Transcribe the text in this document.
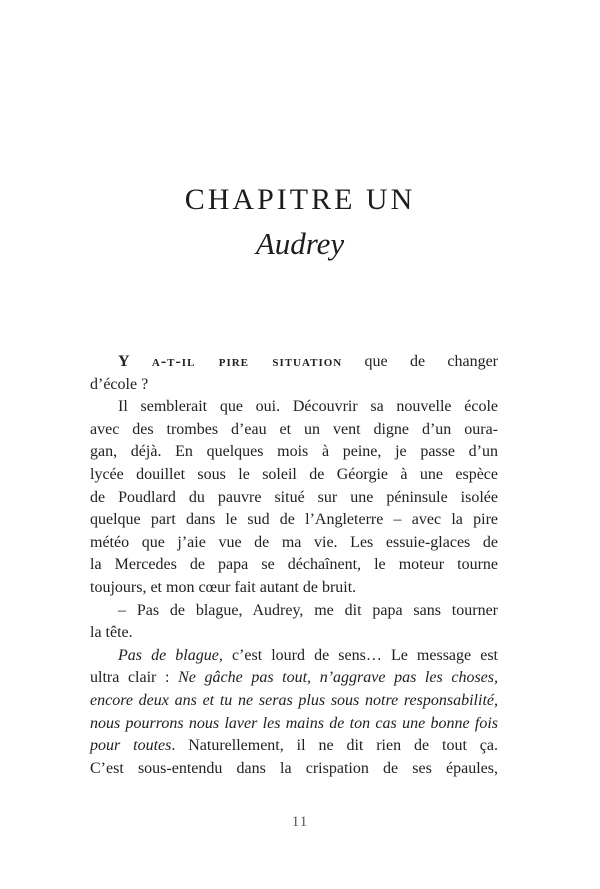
CHAPITRE UN
Audrey
Y a-t-il pire situation que de changer
d’école ?
Il semblerait que oui. Découvrir sa nouvelle école
avec des trombes d’eau et un vent digne d’un oura-
gan, déjà. En quelques mois à peine, je passe d’un
lycée douillet sous le soleil de Géorgie à une espèce
de Poudlard du pauvre situé sur une péninsule isolée
quelque part dans le sud de l’Angleterre – avec la pire
météo que j’aie vue de ma vie. Les essuie-glaces de
la Mercedes de papa se déchaînent, le moteur tourne
toujours, et mon cœur fait autant de bruit.
– Pas de blague, Audrey, me dit papa sans tourner
la tête.
Pas de blague, c’est lourd de sens… Le message est
ultra clair : Ne gâche pas tout, n’aggrave pas les choses,
encore deux ans et tu ne seras plus sous notre responsabilité,
nous pourrons nous laver les mains de ton cas une bonne fois
pour toutes. Naturellement, il ne dit rien de tout ça.
C’est sous-entendu dans la crispation de ses épaules,
11
